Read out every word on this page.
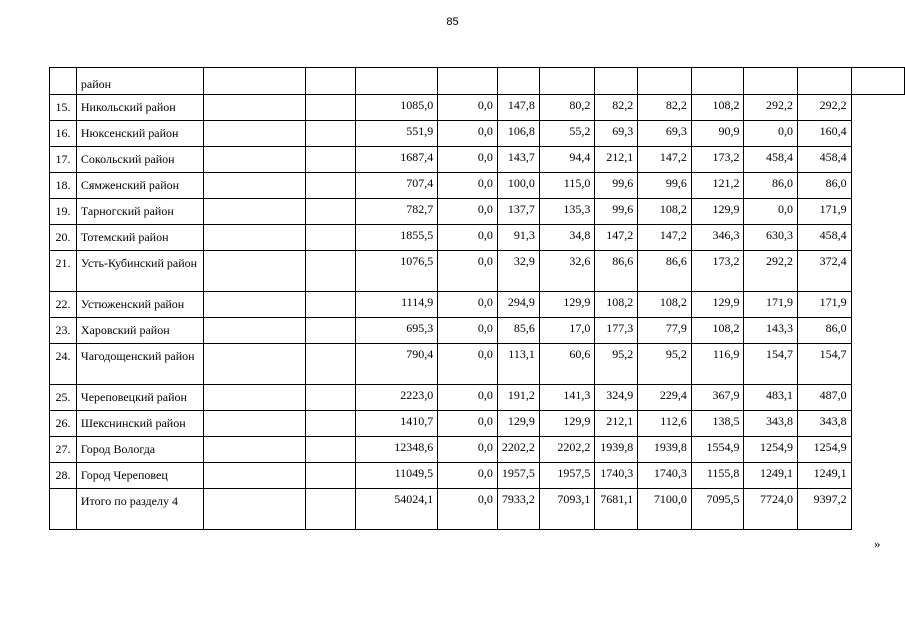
85
	район												
15.	Никольский район			1085,0	0,0	147,8	80,2	82,2	82,2	108,2	292,2	292,2	
16.	Нюксенский район			551,9	0,0	106,8	55,2	69,3	69,3	90,9	0,0	160,4	
17.	Сокольский район			1687,4	0,0	143,7	94,4	212,1	147,2	173,2	458,4	458,4	
18.	Сямженский район			707,4	0,0	100,0	115,0	99,6	99,6	121,2	86,0	86,0	
19.	Тарногский район			782,7	0,0	137,7	135,3	99,6	108,2	129,9	0,0	171,9	
20.	Тотемский район			1855,5	0,0	91,3	34,8	147,2	147,2	346,3	630,3	458,4	
21.	Усть-Кубинский район			1076,5	0,0	32,9	32,6	86,6	86,6	173,2	292,2	372,4	
22.	Устюженский район			1114,9	0,0	294,9	129,9	108,2	108,2	129,9	171,9	171,9	
23.	Харовский район			695,3	0,0	85,6	17,0	177,3	77,9	108,2	143,3	86,0	
24.	Чагодощенский район			790,4	0,0	113,1	60,6	95,2	95,2	116,9	154,7	154,7	
25.	Череповецкий район			2223,0	0,0	191,2	141,3	324,9	229,4	367,9	483,1	487,0	
26.	Шекснинский район			1410,7	0,0	129,9	129,9	212,1	112,6	138,5	343,8	343,8	
27.	Город Вологда			12348,6	0,0	2202,2	2202,2	1939,8	1939,8	1554,9	1254,9	1254,9	
28.	Город Череповец			11049,5	0,0	1957,5	1957,5	1740,3	1740,3	1155,8	1249,1	1249,1	
	Итого по разделу 4			54024,1	0,0	7933,2	7093,1	7681,1	7100,0	7095,5	7724,0	9397,2	
»
